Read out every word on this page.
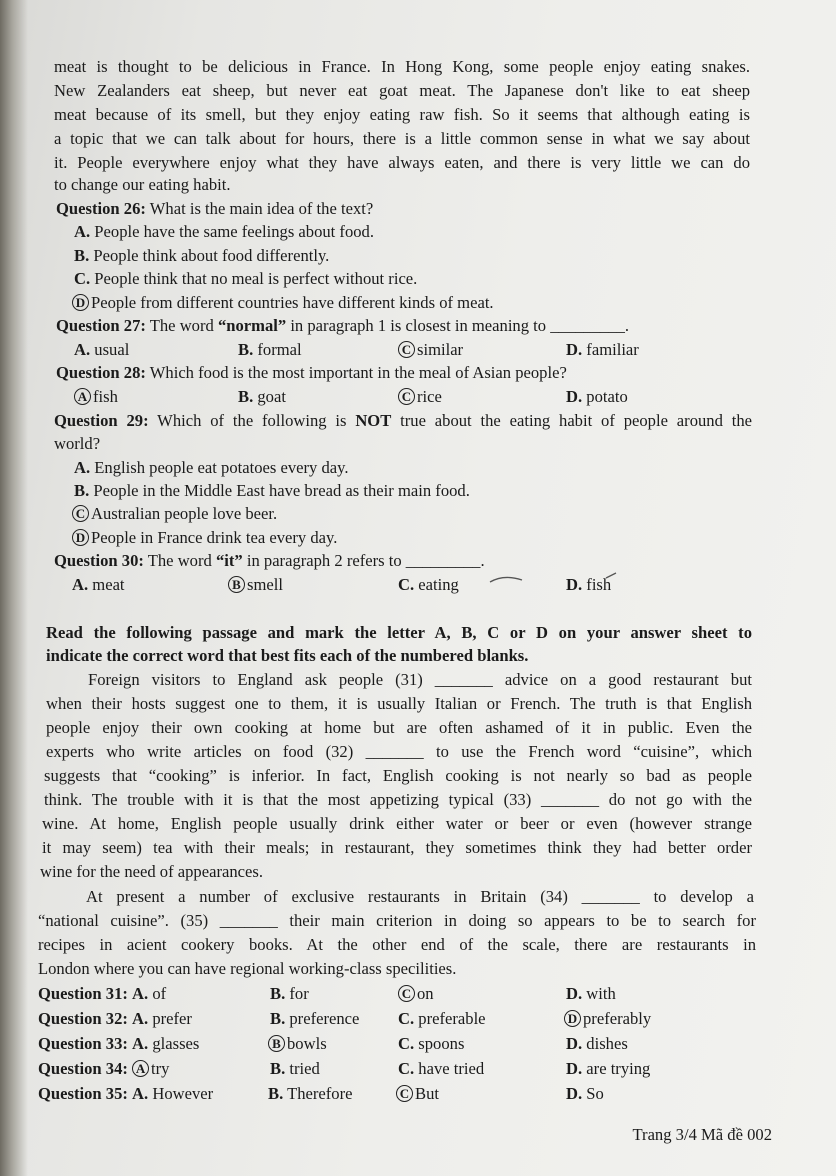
meat is thought to be delicious in France. In Hong Kong, some people enjoy eating snakes.
New Zealanders eat sheep, but never eat goat meat. The Japanese don't like to eat sheep
meat because of its smell, but they enjoy eating raw fish. So it seems that although eating is
a topic that we can talk about for hours, there is a little common sense in what we say about
it. People everywhere enjoy what they have always eaten, and there is very little we can do
to change our eating habit.
Question 26: What is the main idea of the text?
A. People have the same feelings about food.
B. People think about food differently.
C. People think that no meal is perfect without rice.
D People from different countries have different kinds of meat.
Question 27: The word “normal” in paragraph 1 is closest in meaning to _________.
A. usual	B. formal	C similar	D. familiar
Question 28: Which food is the most important in the meal of Asian people?
A fish	B. goat	C rice	D. potato
Question 29: Which of the following is NOT true about the eating habit of people around the
world?
A. English people eat potatoes every day.
B. People in the Middle East have bread as their main food.
C Australian people love beer.
D People in France drink tea every day.
Question 30: The word “it” in paragraph 2 refers to _________.
A. meat	B smell	C. eating	D. fish
Read the following passage and mark the letter A, B, C or D on your answer sheet to
indicate the correct word that best fits each of the numbered blanks.
Foreign visitors to England ask people (31) _______ advice on a good restaurant but
when their hosts suggest one to them, it is usually Italian or French. The truth is that English
people enjoy their own cooking at home but are often ashamed of it in public. Even the
experts who write articles on food (32) _______ to use the French word “cuisine”, which
suggests that “cooking” is inferior. In fact, English cooking is not nearly so bad as people
think. The trouble with it is that the most appetizing typical (33) _______ do not go with the
wine. At home, English people usually drink either water or beer or even (however strange
it may seem) tea with their meals; in restaurant, they sometimes think they had better order
wine for the need of appearances.
At present a number of exclusive restaurants in Britain (34) _______ to develop a
“national cuisine”. (35) _______ their main criterion in doing so appears to be to search for
recipes in acient cookery books. At the other end of the scale, there are restaurants in
London where you can have regional working-class specilities.
Question 31: A. of	B. for	C on	D. with
Question 32: A. prefer	B. preference C. preferable	D preferably
Question 33: A. glasses	B bowls	C. spoons	D. dishes
Question 34: A try	B. tried	C. have tried	D. are trying
Question 35: A. However	B. Therefore	C But	D. So
Trang 3/4 Mã đề 002
